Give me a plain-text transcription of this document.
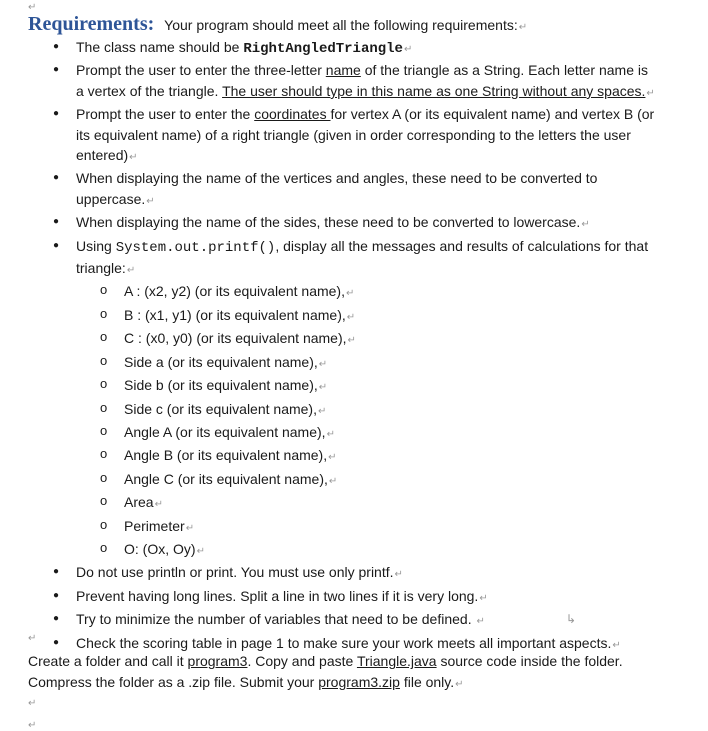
↵
Requirements: Your program should meet all the following requirements:↵
● The class name should be RightAngledTriangle↵
● Prompt the user to enter the three-letter name of the triangle as a String. Each letter name is a vertex of the triangle. The user should type in this name as one String without any spaces.↵
● Prompt the user to enter the coordinates for vertex A (or its equivalent name) and vertex B (or its equivalent name) of a right triangle (given in order corresponding to the letters the user entered)↵
● When displaying the name of the vertices and angles, these need to be converted to uppercase.↵
● When displaying the name of the sides, these need to be converted to lowercase.↵
● Using System.out.printf(), display all the messages and results of calculations for that triangle:↵
o A : (x2, y2) (or its equivalent name),↵
o B : (x1, y1) (or its equivalent name),↵
o C : (x0, y0) (or its equivalent name),↵
o Side a (or its equivalent name),↵
o Side b (or its equivalent name),↵
o Side c (or its equivalent name),↵
o Angle A (or its equivalent name),↵
o Angle B (or its equivalent name),↵
o Angle C (or its equivalent name),↵
o Area↵
o Perimeter↵
o O: (Ox, Oy)↵
● Do not use println or print. You must use only printf.↵
● Prevent having long lines. Split a line in two lines if it is very long.↵
● Try to minimize the number of variables that need to be defined. ↵
● Check the scoring table in page 1 to make sure your work meets all important aspects.↵
↳
↵
Create a folder and call it program3. Copy and paste Triangle.java source code inside the folder. Compress the folder as a .zip file. Submit your program3.zip file only.↵
↵
↵
